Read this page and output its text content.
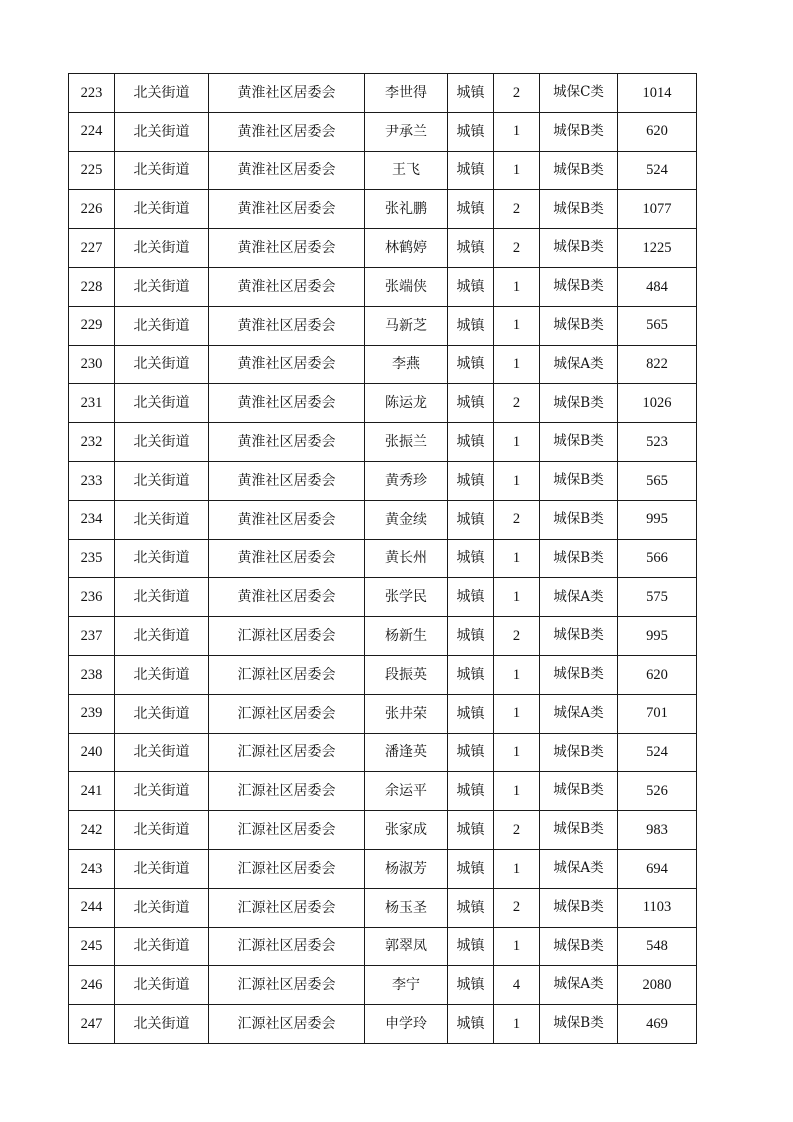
223	北关街道	黄淮社区居委会	李世得	城镇	2	城保C类	1014
224	北关街道	黄淮社区居委会	尹承兰	城镇	1	城保B类	620
225	北关街道	黄淮社区居委会	王飞	城镇	1	城保B类	524
226	北关街道	黄淮社区居委会	张礼鹏	城镇	2	城保B类	1077
227	北关街道	黄淮社区居委会	林鹤婷	城镇	2	城保B类	1225
228	北关街道	黄淮社区居委会	张端侠	城镇	1	城保B类	484
229	北关街道	黄淮社区居委会	马新芝	城镇	1	城保B类	565
230	北关街道	黄淮社区居委会	李燕	城镇	1	城保A类	822
231	北关街道	黄淮社区居委会	陈运龙	城镇	2	城保B类	1026
232	北关街道	黄淮社区居委会	张振兰	城镇	1	城保B类	523
233	北关街道	黄淮社区居委会	黄秀珍	城镇	1	城保B类	565
234	北关街道	黄淮社区居委会	黄金续	城镇	2	城保B类	995
235	北关街道	黄淮社区居委会	黄长州	城镇	1	城保B类	566
236	北关街道	黄淮社区居委会	张学民	城镇	1	城保A类	575
237	北关街道	汇源社区居委会	杨新生	城镇	2	城保B类	995
238	北关街道	汇源社区居委会	段振英	城镇	1	城保B类	620
239	北关街道	汇源社区居委会	张井荣	城镇	1	城保A类	701
240	北关街道	汇源社区居委会	潘逢英	城镇	1	城保B类	524
241	北关街道	汇源社区居委会	余运平	城镇	1	城保B类	526
242	北关街道	汇源社区居委会	张家成	城镇	2	城保B类	983
243	北关街道	汇源社区居委会	杨淑芳	城镇	1	城保A类	694
244	北关街道	汇源社区居委会	杨玉圣	城镇	2	城保B类	1103
245	北关街道	汇源社区居委会	郭翠凤	城镇	1	城保B类	548
246	北关街道	汇源社区居委会	李宁	城镇	4	城保A类	2080
247	北关街道	汇源社区居委会	申学玲	城镇	1	城保B类	469
